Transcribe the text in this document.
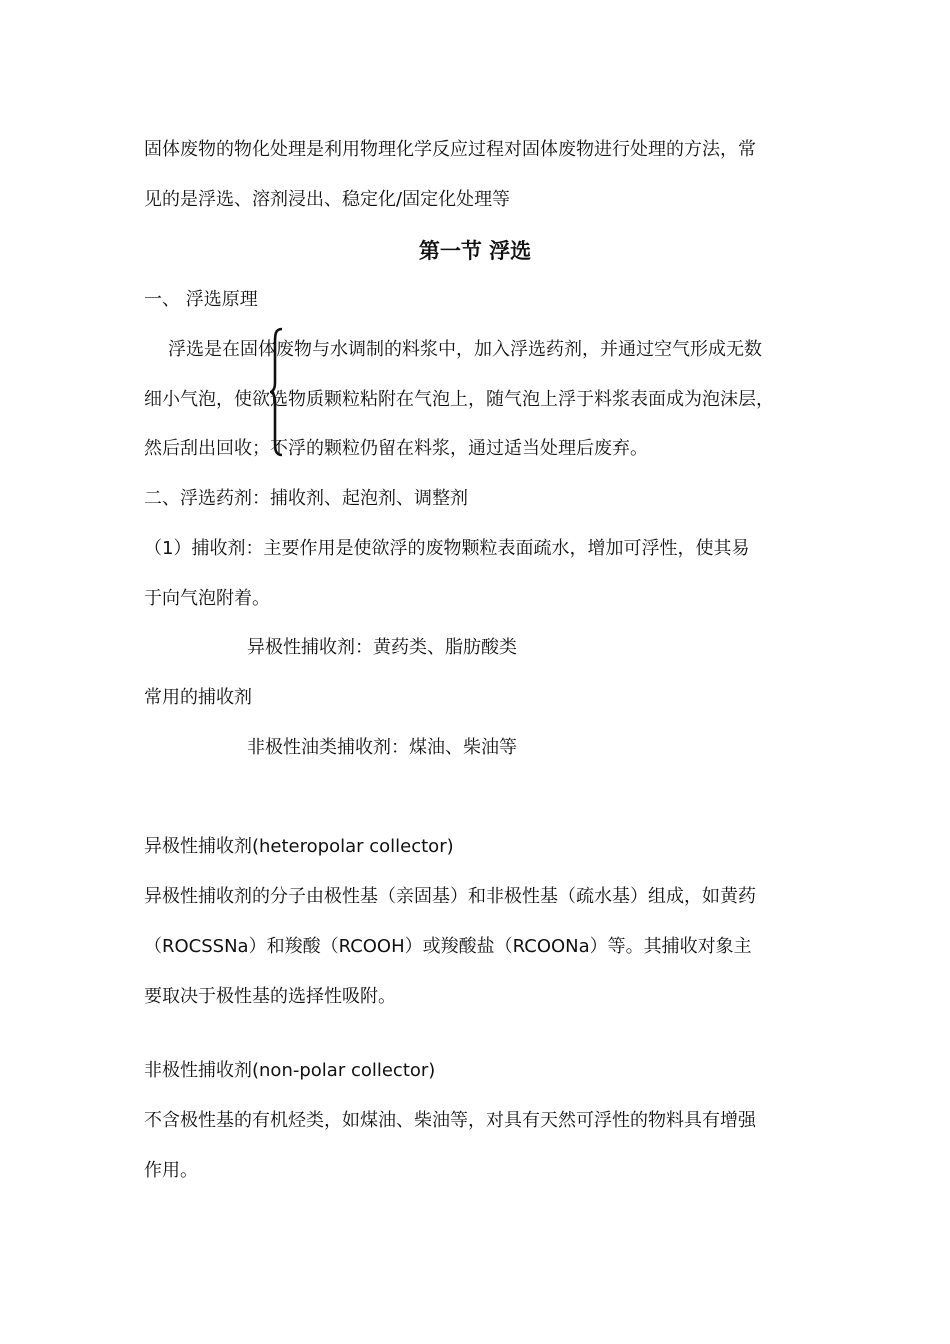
固体废物的物化处理是利用物理化学反应过程对固体废物进行处理的方法，常

见的是浮选、溶剂浸出、稳定化/固定化处理等

第一节 浮选

一、 浮选原理

浮选是在固体废物与水调制的料浆中，加入浮选药剂，并通过空气形成无数

细小气泡，使欲选物质颗粒粘附在气泡上，随气泡上浮于料浆表面成为泡沫层，

然后刮出回收；不浮的颗粒仍留在料浆，通过适当处理后废弃。

二、浮选药剂：捕收剂、起泡剂、调整剂

（1）捕收剂：主要作用是使欲浮的废物颗粒表面疏水，增加可浮性，使其易

于向气泡附着。

异极性捕收剂：黄药类、脂肪酸类

常用的捕收剂

非极性油类捕收剂：煤油、柴油等

异极性捕收剂(heteropolar collector)

异极性捕收剂的分子由极性基（亲固基）和非极性基（疏水基）组成，如黄药

（ROCSSNa）和羧酸（RCOOH）或羧酸盐（RCOONa）等。其捕收对象主

要取决于极性基的选择性吸附。

非极性捕收剂(non-polar collector)

不含极性基的有机烃类，如煤油、柴油等，对具有天然可浮性的物料具有增强

作用。
